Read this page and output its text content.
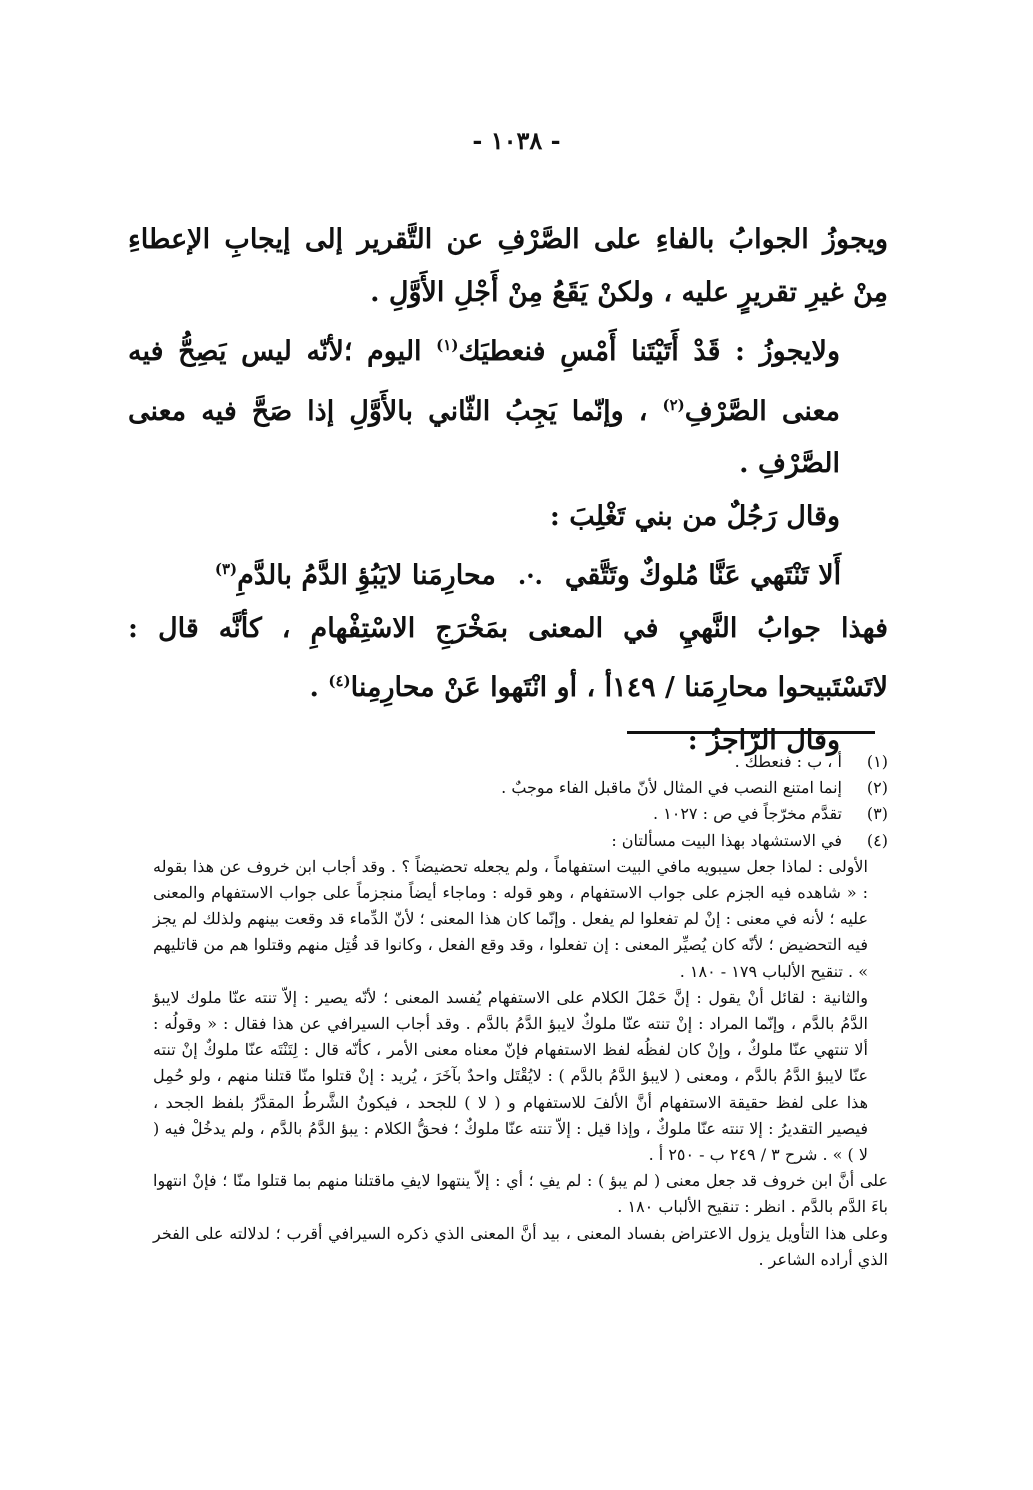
- ١٠٣٨ -

ويجوزُ الجوابُ بالفاءِ على الصَّرْفِ عن التَّقرير إلى إيجابِ الإعطاءِ مِنْ غيرِ تقريرٍ عليه ، ولكنْ يَقَعُ مِنْ أَجْلِ الأَوَّلِ .

ولايجوزُ : قَدْ أَتَيْتَنا أَمْسِ فنعطيَك$^{(١)}$ اليوم ؛لأنّه ليس يَصِحُّ فيه معنى الصَّرْفِ$^{(٢)}$ ، وإنّما يَجِبُ الثّاني بالأَوَّلِ إذا صَحَّ فيه معنى الصَّرْفِ .

وقال رَجُلٌ من بني تَغْلِبَ :

أَلا تَنْتَهي عَنَّا مُلوكٌ وتَتَّقي
.·.
محارِمَنا لايَبُؤِ الدَّمُ بالدَّمِ$^{(٣)}$

فهذا جوابُ النَّهيِ في المعنى بمَخْرَجِ الاسْتِفْهامِ ، كأنَّه قال : لاتَسْتَبيحوا محارِمَنا / ١٤٩أ ، أو انْتَهوا عَنْ محارِمِنا$^{(٤)}$ .

وقال الرّاجزُ :

(١)أ ، ب : فنعطك .

(٢)إنما امتنع النصب في المثال لأنّ ماقبل الفاء موجبٌ .

(٣)تقدَّم مخرّجاً في ص : ١٠٢٧ .

(٤)في الاستشهاد بهذا البيت مسألتان :

الأولى : لماذا جعل سيبويه مافي البيت استفهاماً ، ولم يجعله تحضيضاً ؟ . وقد أجاب ابن خروف عن هذا بقوله : « شاهده فيه الجزم على جواب الاستفهام ، وهو قوله : وماجاء أيضاً منجزماً على جواب الاستفهام والمعنى عليه ؛ لأنه في معنى : إنْ لم تفعلوا لم يفعل . وإنّما كان هذا المعنى ؛ لأنّ الدِّماء قد وقعت بينهم ولذلك لم يجز فيه التحضيض ؛ لأنّه كان يُصيِّر المعنى : إن تفعلوا ، وقد وقع الفعل ، وكانوا قد قُتِل منهم وقتلوا هم من قاتليهم » . تنقيح الألباب ١٧٩ - ١٨٠ .

والثانية : لقائل أنْ يقول : إنَّ حَمْلَ الكلام على الاستفهام يُفسد المعنى ؛ لأنّه يصير : إلاّ تنته عنّا ملوك لايبؤ الدَّمُ بالدَّم ، وإنّما المراد : إنْ تنته عنّا ملوكٌ لايبؤ الدَّمُ بالدَّم . وقد أجاب السيرافي عن هذا فقال : « وقولُه : ألا تنتهي عنّا ملوكٌ ، وإنْ كان لفظُه لفظ الاستفهام فإنّ معناه معنى الأمر ، كأنّه قال : لِتَنْتَه عنّا ملوكٌ إنْ تنته عنّا لايبؤ الدَّمُ بالدَّم ، ومعنى ( لايبؤ الدَّمُ بالدَّم ) : لايُقْتَل واحدٌ بآخَرَ ، يُريد : إنْ قتلوا منّا قتلنا منهم ، ولو حُمِل هذا على لفظ حقيقة الاستفهام أنَّ الألفَ للاستفهام و ( لا ) للجحد ، فيكونُ الشَّرطُ المقدَّرُ بلفظ الجحد ، فيصير التقديرُ : إلا تنته عنّا ملوكٌ ، وإذا قيل : إلاّ تنته عنّا ملوكٌ ؛ فحقُّ الكلام : يبؤ الدَّمُ بالدَّم ، ولم يدخُلْ فيه ( لا ) » . شرح ٣ / ٢٤٩ ب - ٢٥٠ أ .

على أنَّ ابن خروف قد جعل معنى ( لم يبؤ ) : لم يفِ ؛ أي : إلاّ ينتهوا لايفِ ماقتلنا منهم بما قتلوا منّا ؛ فإنْ انتهوا باءَ الدَّم بالدَّم . انظر : تنقيح الألباب ١٨٠ .

وعلى هذا التأويل يزول الاعتراض بفساد المعنى ، بيد أنَّ المعنى الذي ذكره السيرافي أقرب ؛ لدلالته على الفخر الذي أراده الشاعر .
